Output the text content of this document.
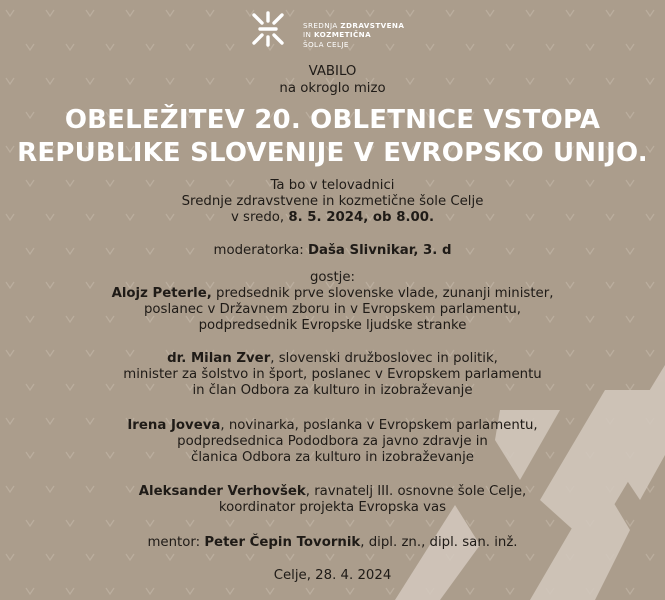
SREDNJA ZDRAVSTVENA
IN KOZMETIČNA
ŠOLA CELJE
VABILO
na okroglo mizo
OBELEŽITEV 20. OBLETNICE VSTOPA
REPUBLIKE SLOVENIJE V EVROPSKO UNIJO.
Ta bo v telovadnici
Srednje zdravstvene in kozmetične šole Celje
v sredo, 8. 5. 2024, ob 8.00.
moderatorka: Daša Slivnikar, 3. d
gostje:
Alojz Peterle, predsednik prve slovenske vlade, zunanji minister,
poslanec v Državnem zboru in v Evropskem parlamentu,
podpredsednik Evropske ljudske stranke
dr. Milan Zver, slovenski družboslovec in politik,
minister za šolstvo in šport, poslanec v Evropskem parlamentu
in član Odbora za kulturo in izobraževanje
Irena Joveva, novinarka, poslanka v Evropskem parlamentu,
podpredsednica Pododbora za javno zdravje in
članica Odbora za kulturo in izobraževanje
Aleksander Verhovšek, ravnatelj III. osnovne šole Celje,
koordinator projekta Evropska vas
mentor: Peter Čepin Tovornik, dipl. zn., dipl. san. inž.
Celje, 28. 4. 2024
